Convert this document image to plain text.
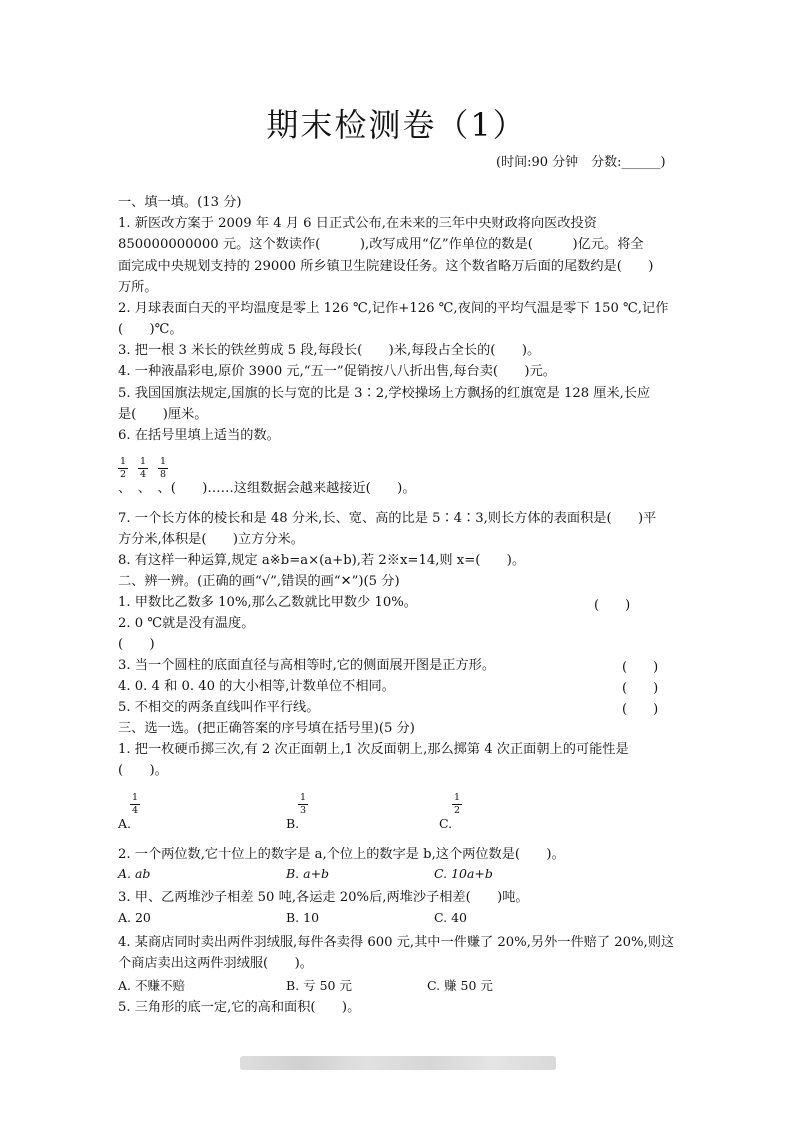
期末检测卷（1）
(时间:90 分钟　分数:______)
一、填一填。(13 分)
1. 新医改方案于 2009 年 4 月 6 日正式公布,在未来的三年中央财政将向医改投资
850000000000 元。这个数读作(　　　),改写成用“亿”作单位的数是(　　　)亿元。将全
面完成中央规划支持的 29000 所乡镇卫生院建设任务。这个数省略万后面的尾数约是(　　)
万所。
2. 月球表面白天的平均温度是零上 126 ℃,记作+126 ℃,夜间的平均气温是零下 150 ℃,记作
(　　)℃。
3. 把一根 3 米长的铁丝剪成 5 段,每段长(　　)米,每段占全长的(　　)。
4. 一种液晶彩电,原价 3900 元,“五一”促销按八八折出售,每台卖(　　)元。
5. 我国国旗法规定,国旗的长与宽的比是 3∶2,学校操场上方飘扬的红旗宽是 128 厘米,长应
是(　　)厘米。
6. 在括号里填上适当的数。
1
2
1
4
1
8
、　、　、(　　)……这组数据会越来越接近(　　)。
7. 一个长方体的棱长和是 48 分米,长、宽、高的比是 5∶4∶3,则长方体的表面积是(　　)平
方分米,体积是(　　)立方分米。
8. 有这样一种运算,规定 a※b=a×(a+b),若 2※x=14,则 x=(　　)。
二、辨一辨。(正确的画“√”,错误的画“✕”)(5 分)
1. 甲数比乙数多 10%,那么乙数就比甲数少 10%。	(　　)
2. 0 ℃就是没有温度。
(　　)
3. 当一个圆柱的底面直径与高相等时,它的侧面展开图是正方形。	(　　)
4. 0. 4 和 0. 40 的大小相等,计数单位不相同。	(　　)
5. 不相交的两条直线叫作平行线。	(　　)
三、选一选。(把正确答案的序号填在括号里)(5 分)
1. 把一枚硬币掷三次,有 2 次正面朝上,1 次反面朝上,那么掷第 4 次正面朝上的可能性是
(　　)。
1
4
A.
1
3
B.
1
2
C.
2. 一个两位数,它十位上的数字是 a,个位上的数字是 b,这个两位数是(　　)。
A. ab	B. a+b	C. 10a+b
3. 甲、乙两堆沙子相差 50 吨,各运走 20%后,两堆沙子相差(　　)吨。
A. 20	B. 10	C. 40
4. 某商店同时卖出两件羽绒服,每件各卖得 600 元,其中一件赚了 20%,另外一件赔了 20%,则这
个商店卖出这两件羽绒服(　　)。
A. 不赚不赔	B. 亏 50 元	C. 赚 50 元
5. 三角形的底一定,它的高和面积(　　)。
